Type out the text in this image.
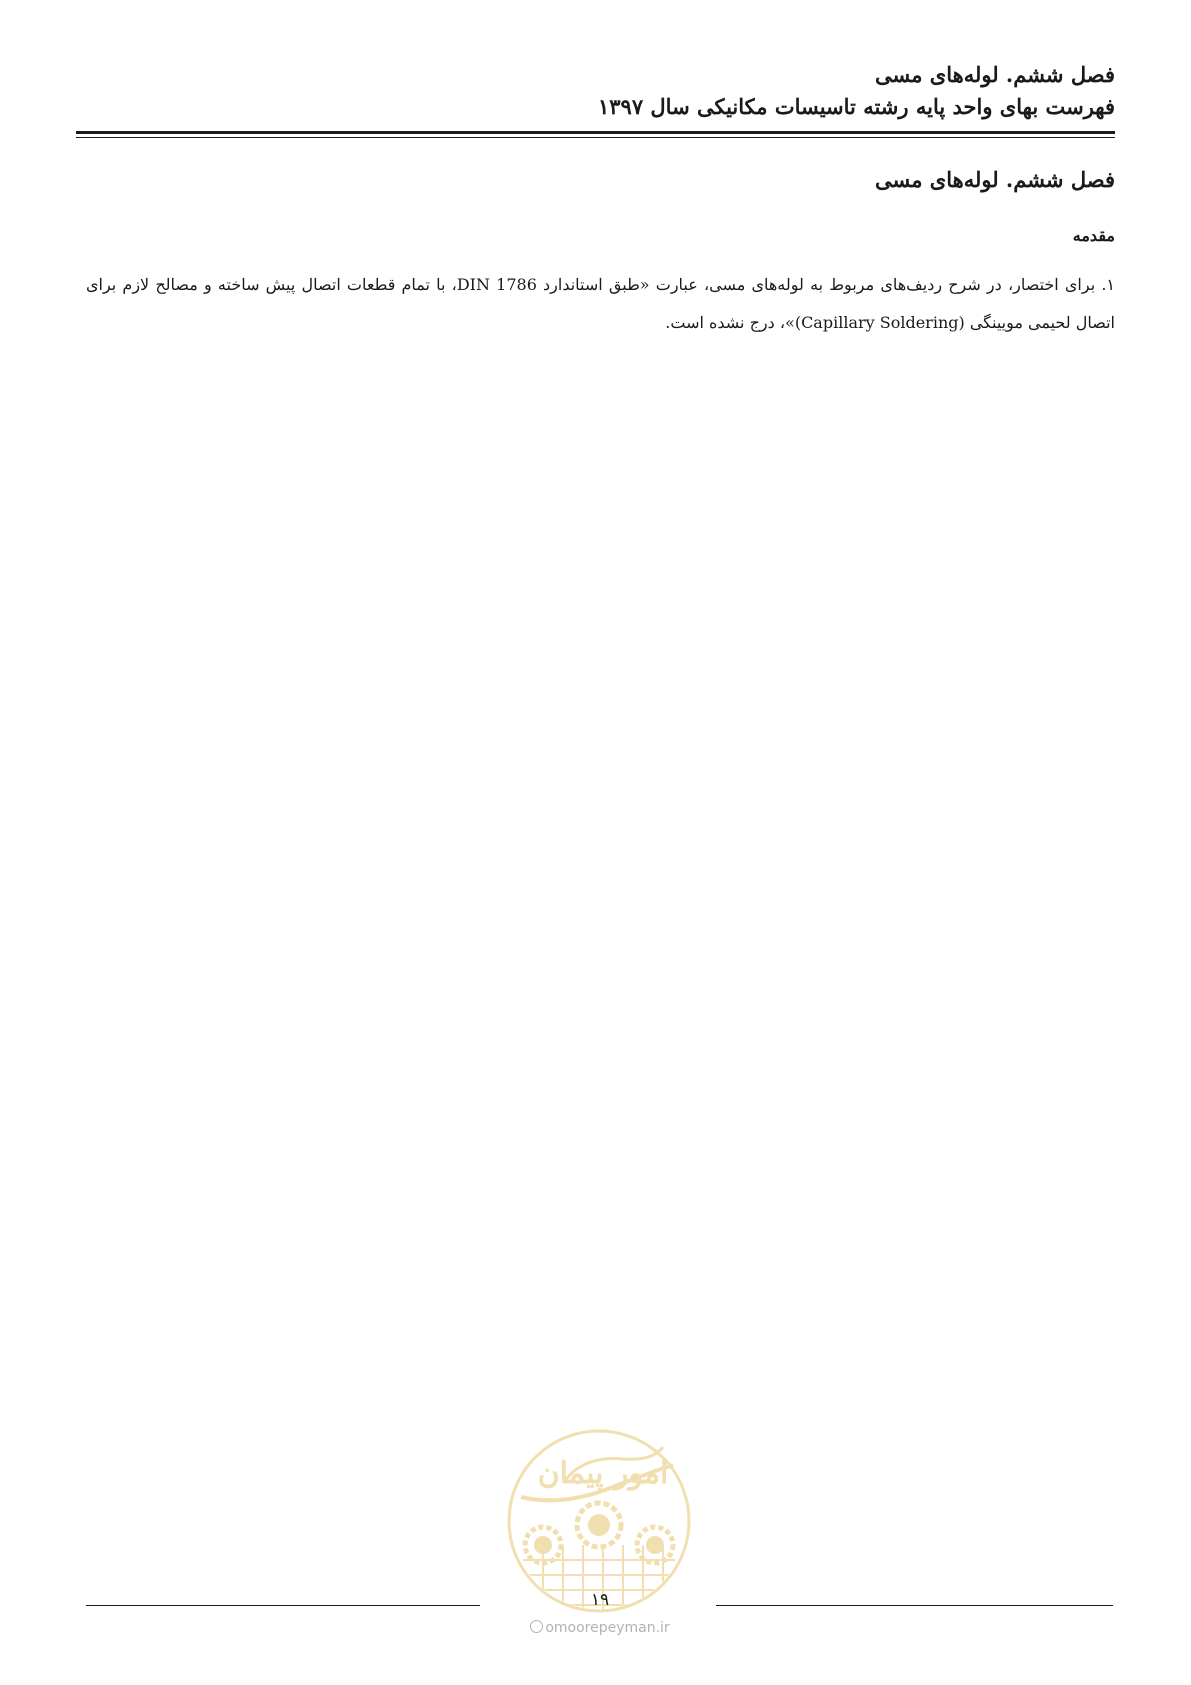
فصل ششم. لوله‌های مسی
فهرست بهای واحد پایه رشته تاسیسات مکانیکی سال ۱۳۹۷
فصل ششم. لوله‌های مسی
مقدمه
۱. برای اختصار، در شرح ردیف‌های مربوط به لوله‌های مسی، عبارت «طبق استاندارد DIN 1786، با تمام قطعات اتصال پیش ساخته و مصالح لازم برای اتصال لحیمی مویینگی (Capillary Soldering)»، درج نشده است.
امور پیمان
۱۹
omoorepeyman.ir
